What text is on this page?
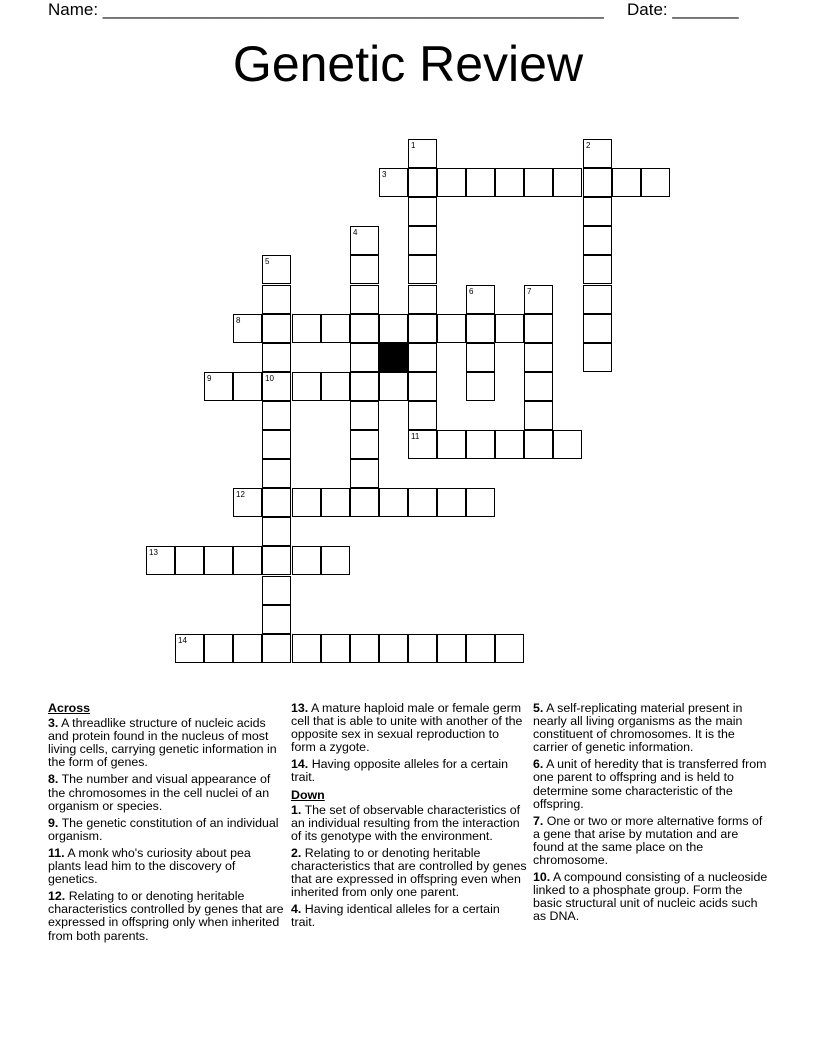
Name: _____________________________________________________ Date: _______
Genetic Review
3
8
9	10
11
12
13
14
1	2
4
5
6	7
Across
3. A threadlike structure of nucleic acids and protein found in the nucleus of most living cells, carrying genetic information in the form of genes.
8. The number and visual appearance of the chromosomes in the cell nuclei of an organism or species.
9. The genetic constitution of an individual organism.
11. A monk who's curiosity about pea plants lead him to the discovery of genetics.
12. Relating to or denoting heritable characteristics controlled by genes that are expressed in offspring only when inherited from both parents.
13. A mature haploid male or female germ cell that is able to unite with another of the opposite sex in sexual reproduction to form a zygote.
14. Having opposite alleles for a certain trait.
Down
1. The set of observable characteristics of an individual resulting from the interaction of its genotype with the environment.
2. Relating to or denoting heritable characteristics that are controlled by genes that are expressed in offspring even when inherited from only one parent.
4. Having identical alleles for a certain trait.
5. A self-replicating material present in nearly all living organisms as the main constituent of chromosomes. It is the carrier of genetic information.
6. A unit of heredity that is transferred from one parent to offspring and is held to determine some characteristic of the offspring.
7. One or two or more alternative forms of a gene that arise by mutation and are found at the same place on the chromosome.
10. A compound consisting of a nucleoside linked to a phosphate group. Form the basic structural unit of nucleic acids such as DNA.
